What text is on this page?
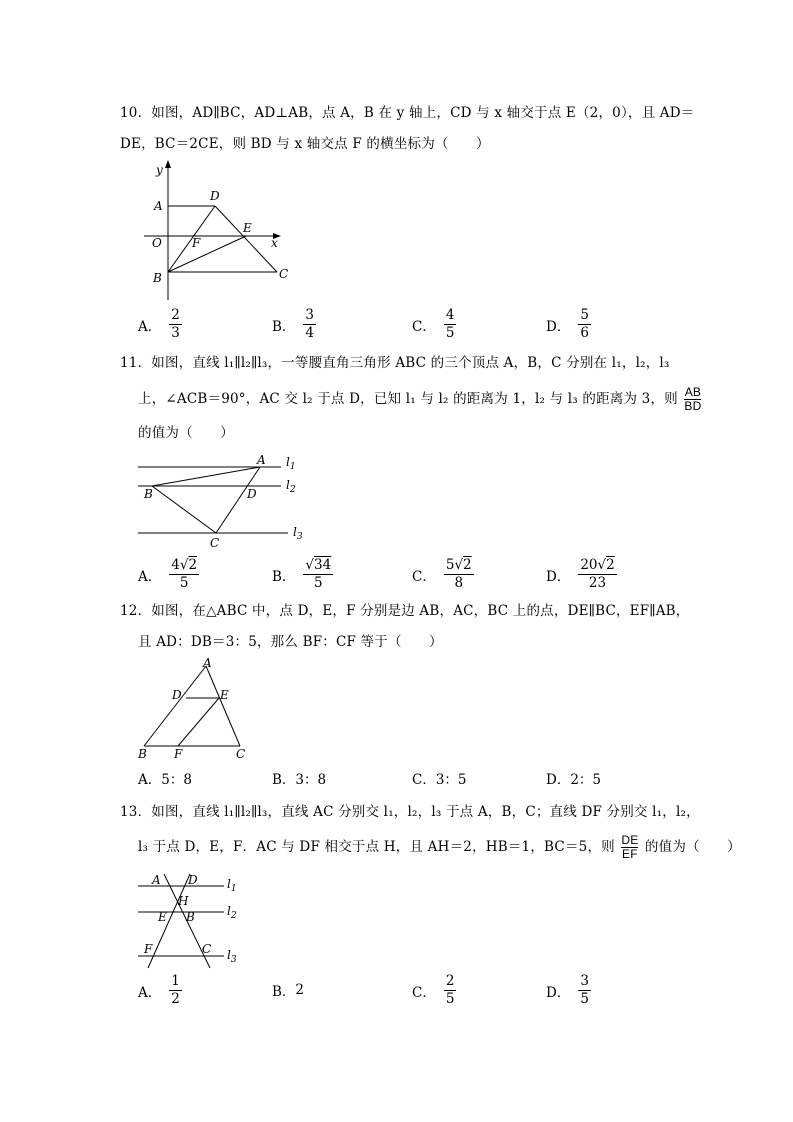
10．如图，AD∥BC，AD⊥AB，点 A，B 在 y 轴上，CD 与 x 轴交于点 E（2，0），且 AD＝
DE，BC＝2CE，则 BD 与 x 轴交点 F 的横坐标为（　　）
y
A
D
O	F
E
x
B	C
A． $\frac{2}{3}$	B． $\frac{3}{4}$	C． $\frac{4}{5}$	D． $\frac{5}{6}$
11．如图，直线 l₁∥l₂∥l₃，一等腰直角三角形 ABC 的三个顶点 A，B，C 分别在 l₁，l₂，l₃
上，∠ACB＝90°，AC 交 l₂ 于点 D，已知 l₁ 与 l₂ 的距离为 1，l₂ 与 l₃ 的距离为 3，则 $\frac{AB}{BD}$
的值为（　　）
A
B	D
C
$l_1$
$l_2$
$l_3$
A． $\frac{4√2}{5}$	B． $\frac{√34}{5}$	C． $\frac{5√2}{8}$	D． $\frac{20√2}{23}$
12．如图，在△ABC 中，点 D，E，F 分别是边 AB，AC，BC 上的点，DE∥BC，EF∥AB，
且 AD：DB＝3：5，那么 BF：CF 等于（　　）
A
D	E
B F	C
A． 5：8	B． 3：8	C． 3：5	D． 2：5
13．如图，直线 l₁∥l₂∥l₃，直线 AC 分别交 l₁，l₂，l₃ 于点 A，B，C；直线 DF 分别交 l₁，l₂，
l₃ 于点 D，E，F．AC 与 DF 相交于点 H，且 AH＝2，HB＝1，BC＝5，则 $\frac{DE}{EF}$ 的值为（　　）
A D
H
E B
F	C
$l_1$
$l_2$
$l_3$
A． $\frac{1}{2}$	B． 2	C． $\frac{2}{5}$	D． $\frac{3}{5}$
